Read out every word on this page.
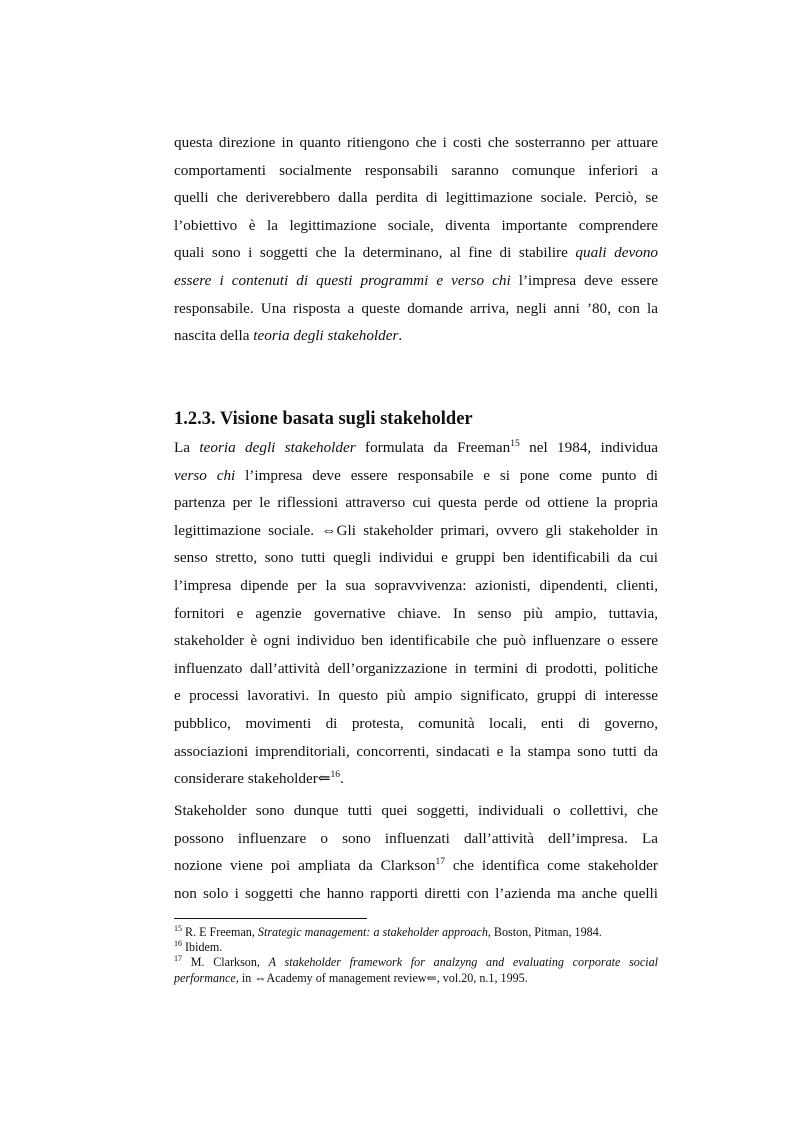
questa direzione in quanto ritiengono che i costi che sosterranno per attuare
comportamenti socialmente responsabili saranno comunque inferiori a
quelli che deriverebbero dalla perdita di legittimazione sociale. Perciò, se
l’obiettivo è la legittimazione sociale, diventa importante comprendere
quali sono i soggetti che la determinano, al fine di stabilire quali devono
essere i contenuti di questi programmi e verso chi l’impresa deve essere
responsabile. Una risposta a queste domande arriva, negli anni ’80, con la
nascita della teoria degli stakeholder.
1.2.3. Visione basata sugli stakeholder
La teoria degli stakeholder formulata da Freeman$^{15}$ nel 1984, individua
verso chi l’impresa deve essere responsabile e si pone come punto di
partenza per le riflessioni attraverso cui questa perde od ottiene la propria
legittimazione sociale. ⇔Gli stakeholder primari, ovvero gli stakeholder in
senso stretto, sono tutti quegli individui e gruppi ben identificabili da cui
l’impresa dipende per la sua sopravvivenza: azionisti, dipendenti, clienti,
fornitori e agenzie governative chiave. In senso più ampio, tuttavia,
stakeholder è ogni individuo ben identificabile che può influenzare o essere
influenzato dall’attività dell’organizzazione in termini di prodotti, politiche
e processi lavorativi. In questo più ampio significato, gruppi di interesse
pubblico, movimenti di protesta, comunità locali, enti di governo,
associazioni imprenditoriali, concorrenti, sindacati e la stampa sono tutti da
considerare stakeholder⇐$^{16}$.
Stakeholder sono dunque tutti quei soggetti, individuali o collettivi, che
possono influenzare o sono influenzati dall’attività dell’impresa. La
nozione viene poi ampliata da Clarkson$^{17}$ che identifica come stakeholder
non solo i soggetti che hanno rapporti diretti con l’azienda ma anche quelli
$^{15}$ R. E Freeman, Strategic management: a stakeholder approach, Boston, Pitman, 1984.
$^{16}$ Ibidem.
$^{17}$ M. Clarkson, A stakeholder framework for analzyng and evaluating corporate social
performance, in ⇔Academy of management review⇐, vol.20, n.1, 1995.
